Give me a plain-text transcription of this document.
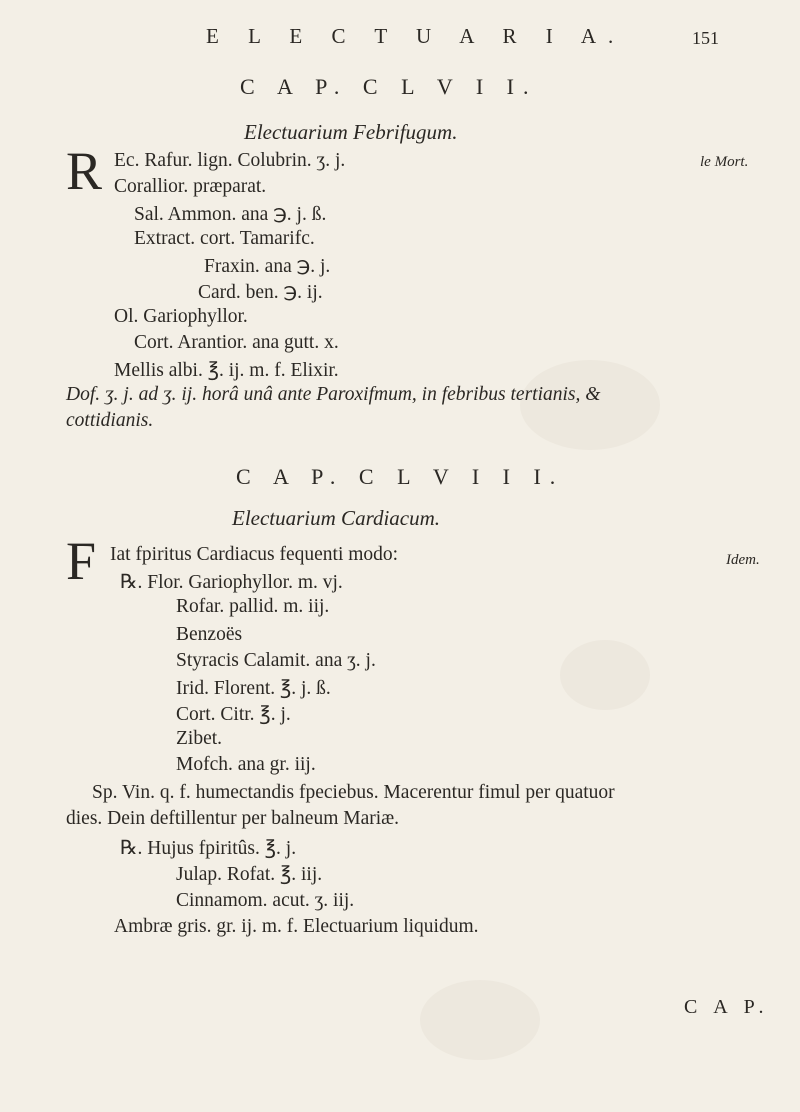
E L E C T U A R I A.	151
C A P. C L V I I.
Electuarium Febrifugum.
le Mort.
R Ec. Rafur. lign. Colubrin. ʒ. j.
Corallior. præparat.
Sal. Ammon. ana ℈. j. ß.
Extract. cort. Tamarifc.
Fraxin. ana ℈. j.
Card. ben. ℈. ij.
Ol. Gariophyllor.
Cort. Arantior. ana gutt. x.
Mellis albi. ℥. ij. m. f. Elixir.
Dof. ʒ. j. ad ʒ. ij. horâ unâ ante Paroxifmum, in febribus tertianis, &
cottidianis.
C A P. C L V I I I.
Electuarium Cardiacum.
Idem.
F Iat fpiritus Cardiacus fequenti modo:
℞. Flor. Gariophyllor. m. vj.
Rofar. pallid. m. iij.
Benzoës
Styracis Calamit. ana ʒ. j.
Irid. Florent. ℥. j. ß.
Cort. Citr. ℥. j.
Zibet.
Mofch. ana gr. iij.
Sp. Vin. q. f. humectandis fpeciebus. Macerentur fimul per quatuor
dies. Dein deftillentur per balneum Mariæ.
℞. Hujus fpiritûs. ℥. j.
Julap. Rofat. ℥. iij.
Cinnamom. acut. ʒ. iij.
Ambræ gris. gr. ij. m. f. Electuarium liquidum.
C A P.
